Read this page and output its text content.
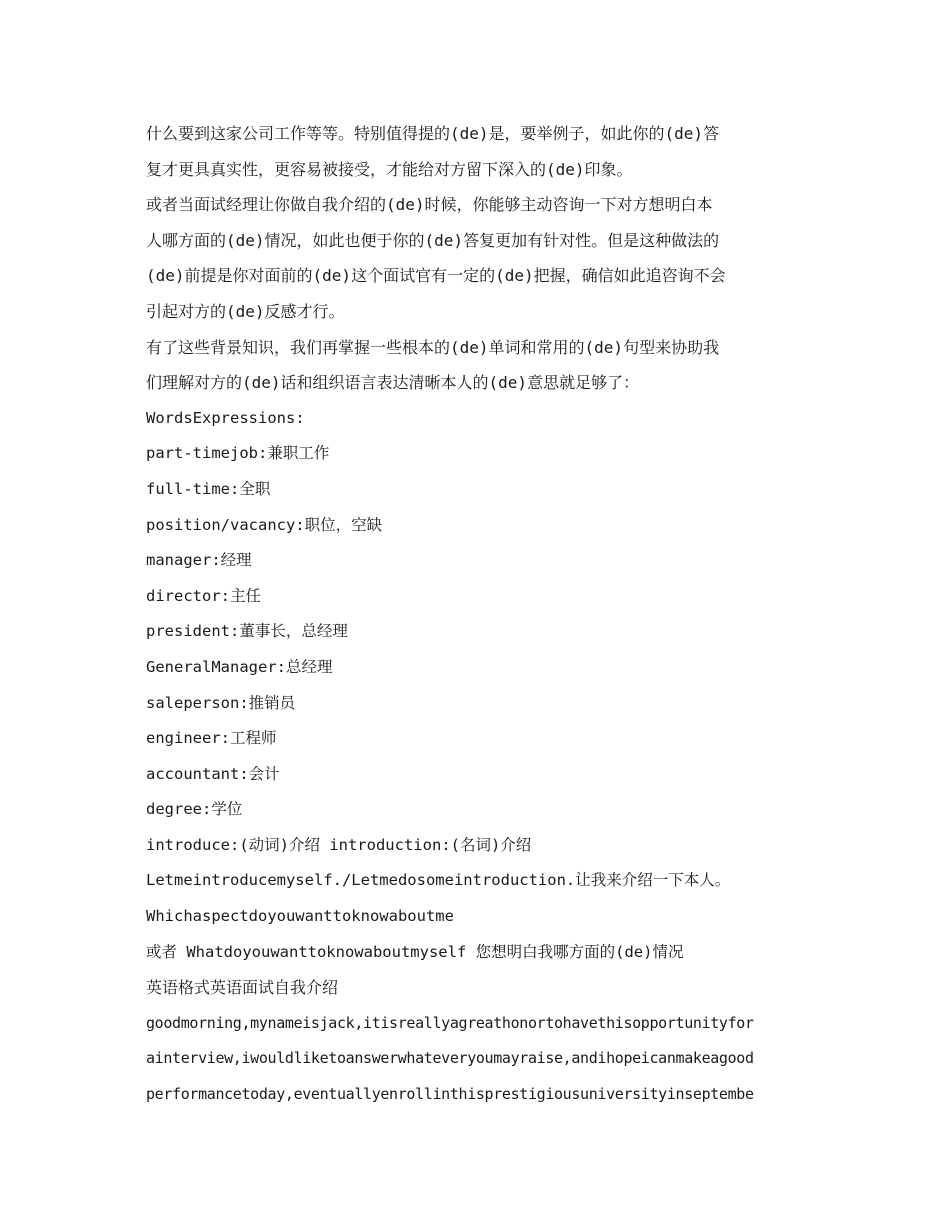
什么要到这家公司工作等等。特别值得提的(de)是，要举例子，如此你的(de)答
复才更具真实性，更容易被接受，才能给对方留下深入的(de)印象。
或者当面试经理让你做自我介绍的(de)时候，你能够主动咨询一下对方想明白本
人哪方面的(de)情况，如此也便于你的(de)答复更加有针对性。但是这种做法的
(de)前提是你对面前的(de)这个面试官有一定的(de)把握，确信如此追咨询不会
引起对方的(de)反感才行。
有了这些背景知识，我们再掌握一些根本的(de)单词和常用的(de)句型来协助我
们理解对方的(de)话和组织语言表达清晰本人的(de)意思就足够了：
WordsExpressions:
part-timejob:兼职工作
full-time:全职
position/vacancy:职位，空缺
manager:经理
director:主任
president:董事长，总经理
GeneralManager:总经理
saleperson:推销员
engineer:工程师
accountant:会计
degree:学位
introduce:(动词)介绍 introduction:(名词)介绍
Letmeintroducemyself./Letmedosomeintroduction.让我来介绍一下本人。
Whichaspectdoyouwanttoknowaboutme
或者 Whatdoyouwanttoknowaboutmyself 您想明白我哪方面的(de)情况
英语格式英语面试自我介绍
goodmorning,mynameisjack,itisreallyagreathonortohavethisopportunityfor
ainterview,iwouldliketoanswerwhateveryoumayraise,andihopeicanmakeagood
performancetoday,eventuallyenrollinthisprestigiousuniversityinseptembe
